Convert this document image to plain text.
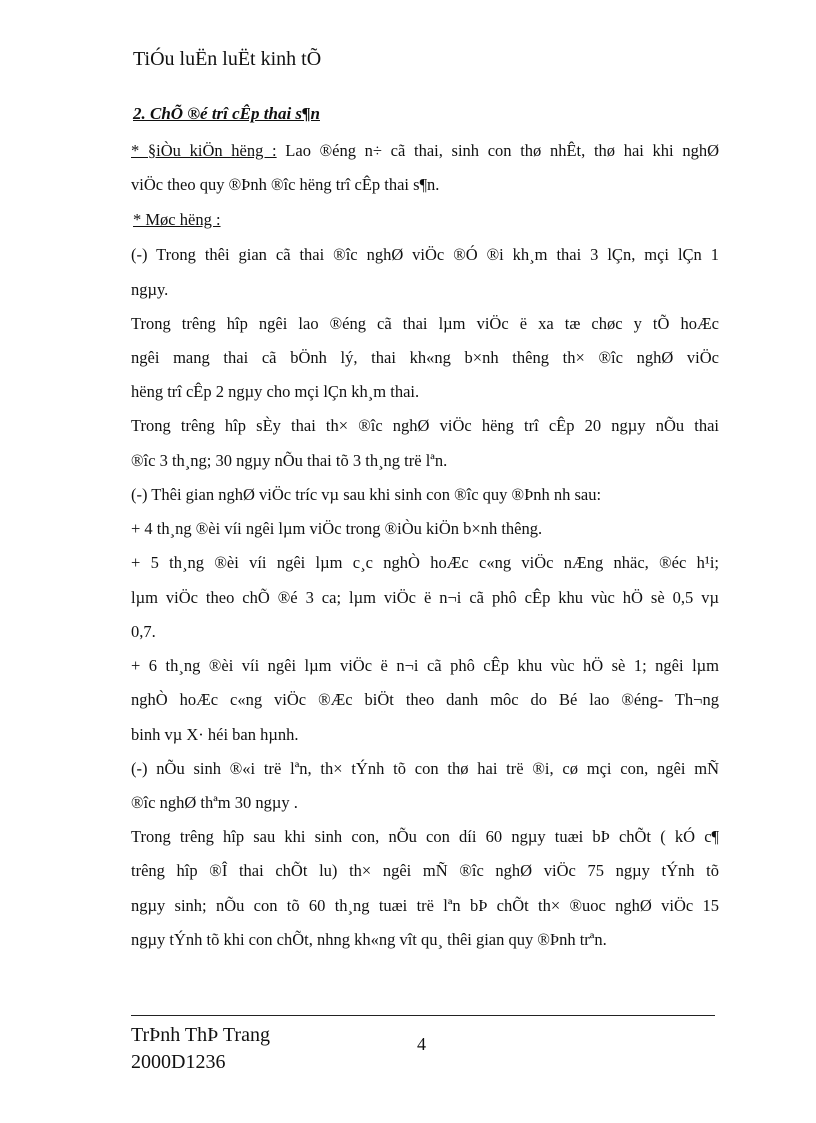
TiÓu luËn luËt kinh tÕ
2. ChÕ ®é trî cÊp thai s¶n
* §iÒu kiÖn hëng : Lao ®éng n÷ cã thai, sinh con thø nhÊt, thø hai khi nghØ
viÖc theo quy ®Þnh ®îc hëng trî cÊp thai s¶n.
* Møc hëng :
(-) Trong thêi gian cã thai ®îc nghØ viÖc ®Ó ®i kh¸m thai 3 lÇn, mçi lÇn 1
ngµy.
Trong trêng hîp ngêi lao ®éng cã thai lµm viÖc ë xa tæ chøc y tÕ hoÆc
ngêi mang thai cã bÖnh lý, thai kh«ng b×nh thêng th× ®îc nghØ viÖc
hëng trî cÊp 2 ngµy cho mçi lÇn kh¸m thai.
Trong trêng hîp sÈy thai th× ®îc nghØ viÖc hëng trî cÊp 20 ngµy nÕu thai
®îc 3 th¸ng; 30 ngµy nÕu thai tõ 3 th¸ng trë lªn.
(-) Thêi gian nghØ viÖc tríc vµ sau khi sinh con ®îc quy ®Þnh nh sau:
+ 4 th¸ng ®èi víi ngêi lµm viÖc trong ®iÒu kiÖn b×nh thêng.
+ 5 th¸ng ®èi víi ngêi lµm c¸c nghÒ hoÆc c«ng viÖc nÆng nhäc, ®éc h¹i;
lµm viÖc theo chÕ ®é 3 ca; lµm viÖc ë n¬i cã phô cÊp khu vùc hÖ sè 0,5 vµ
0,7.
+ 6 th¸ng ®èi víi ngêi lµm viÖc ë n¬i cã phô cÊp khu vùc hÖ sè 1; ngêi lµm
nghÒ hoÆc c«ng viÖc ®Æc biÖt theo danh môc do Bé lao ®éng- Th¬ng
binh vµ X· héi ban hµnh.
(-) nÕu sinh ®«i trë lªn, th× tÝnh tõ con thø hai trë ®i, cø mçi con, ngêi mÑ
®îc nghØ thªm 30 ngµy .
Trong trêng hîp sau khi sinh con, nÕu con díi 60 ngµy tuæi bÞ chÕt ( kÓ c¶
trêng hîp ®Î thai chÕt lu) th× ngêi mÑ ®îc nghØ viÖc 75 ngµy tÝnh tõ
ngµy sinh; nÕu con tõ 60 th¸ng tuæi trë lªn bÞ chÕt th× ®uoc nghØ viÖc 15
ngµy tÝnh tõ khi con chÕt, nhng kh«ng vît qu¸ thêi gian quy ®Þnh trªn.
TrÞnh ThÞ Trang
2000D1236
4
